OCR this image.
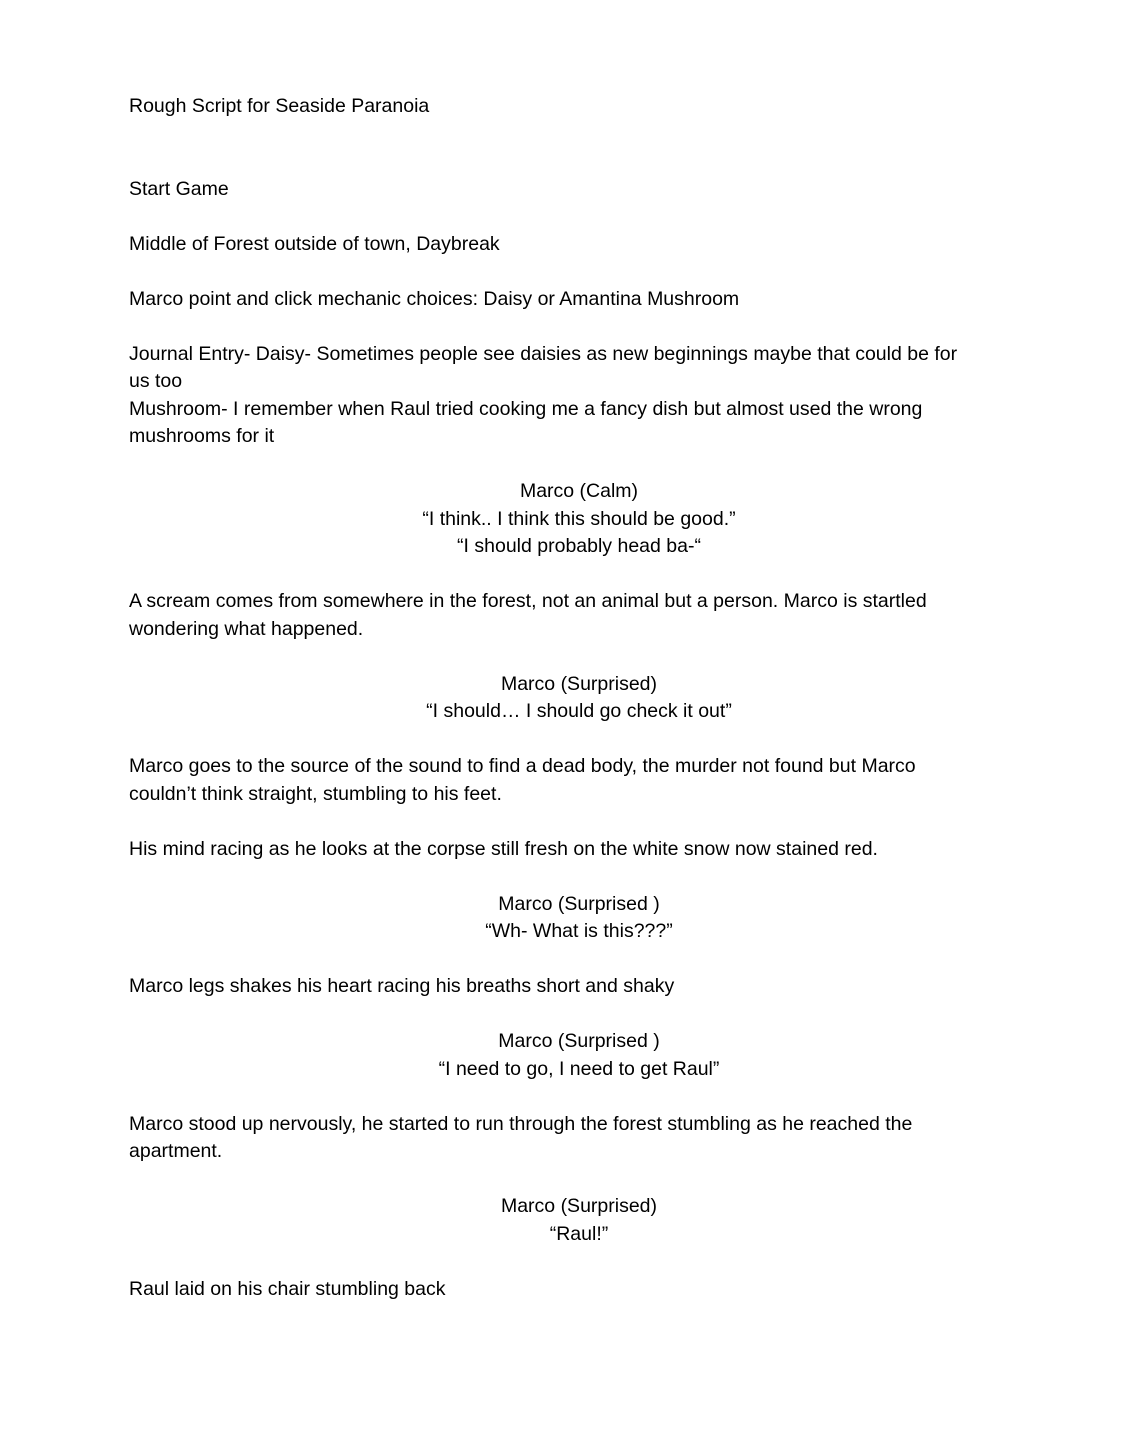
Rough Script for Seaside Paranoia

Start Game

Middle of Forest outside of town, Daybreak

Marco point and click mechanic choices: Daisy or Amantina Mushroom

Journal Entry- Daisy- Sometimes people see daisies as new beginnings maybe that could be for

us too

Mushroom- I remember when Raul tried cooking me a fancy dish but almost used the wrong

mushrooms for it

Marco (Calm)

“I think.. I think this should be good.”

“I should probably head ba-“

A scream comes from somewhere in the forest, not an animal but a person. Marco is startled

wondering what happened.

Marco (Surprised)

“I should… I should go check it out”

Marco goes to the source of the sound to find a dead body, the murder not found but Marco

couldn’t think straight, stumbling to his feet.

His mind racing as he looks at the corpse still fresh on the white snow now stained red.

Marco (Surprised )

“Wh- What is this???”

Marco legs shakes his heart racing his breaths short and shaky

Marco (Surprised )

“I need to go, I need to get Raul”

Marco stood up nervously, he started to run through the forest stumbling as he reached the

apartment.

Marco (Surprised)

“Raul!”

Raul laid on his chair stumbling back
